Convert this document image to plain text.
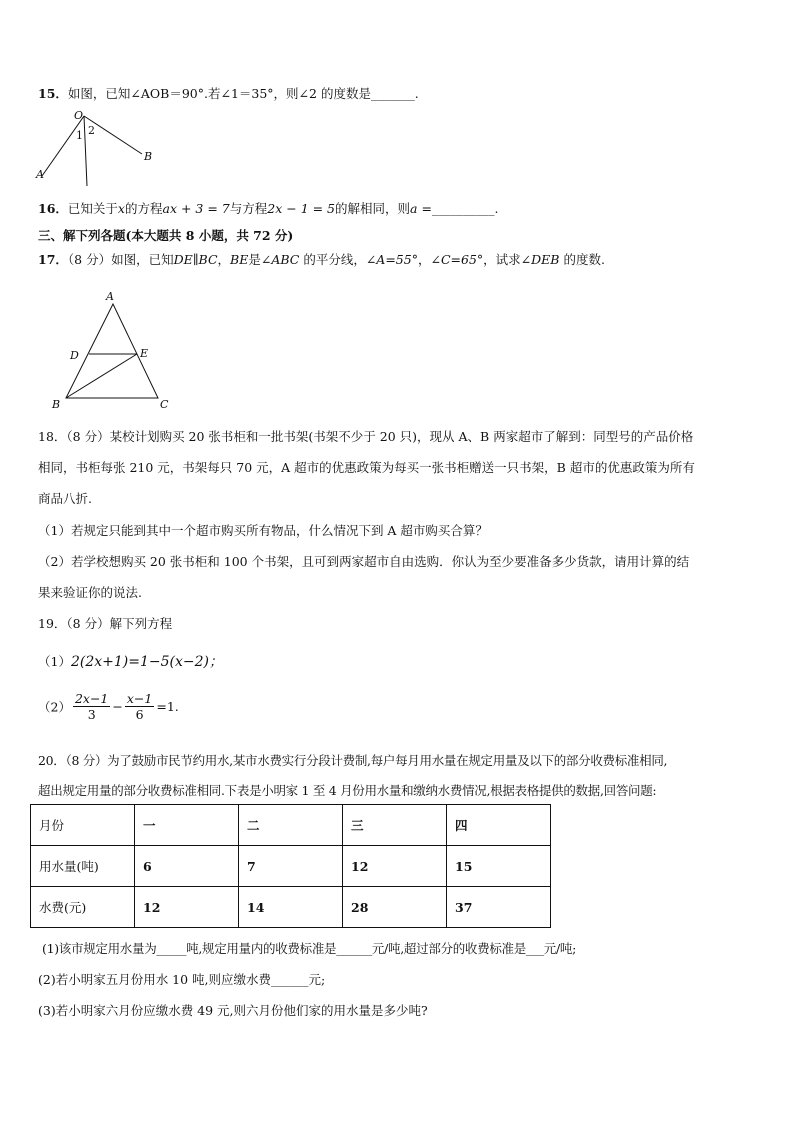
15．如图，已知∠AOB＝90°.若∠1＝35°，则∠2 的度数是_______.
O
A
B
1 2
16．已知关于x的方程ax + 3 = 7与方程2x − 1 = 5的解相同，则a =__________.
三、解下列各题(本大题共 8 小题，共 72 分)
17．（8 分）如图，已知DE∥BC，BE是∠ABC 的平分线，∠A=55°，∠C=65°，试求∠DEB 的度数.
A
D	E
B	C
18．（8 分）某校计划购买 20 张书柜和一批书架(书架不少于 20 只)，现从 A、B 两家超市了解到：同型号的产品价格
相同，书柜每张 210 元，书架每只 70 元，A 超市的优惠政策为每买一张书柜赠送一只书架，B 超市的优惠政策为所有
商品八折.
（1）若规定只能到其中一个超市购买所有物品，什么情况下到 A 超市购买合算？
（2）若学校想购买 20 张书柜和 100 个书架，且可到两家超市自由选购．你认为至少要准备多少货款，请用计算的结
果来验证你的说法.
19．（8 分）解下列方程
（1）2(2x+1)=1−5(x−2)；
$(2) \frac{2x-1}{3} - \frac{x-1}{6} =1$.
20．（8 分）为了鼓励市民节约用水,某市水费实行分段计费制,每户每月用水量在规定用量及以下的部分收费标准相同,
超出规定用量的部分收费标准相同.下表是小明家 1 至 4 月份用水量和缴纳水费情况,根据表格提供的数据,回答问题:
月份	一	二	三	四
用水量(吨)	6	7	12	15
水费(元)	12	14	28	37
(1)该市规定用水量为_____吨,规定用量内的收费标准是______元/吨,超过部分的收费标准是___元/吨;
(2)若小明家五月份用水 10 吨,则应缴水费______元;
(3)若小明家六月份应缴水费 49 元,则六月份他们家的用水量是多少吨?
